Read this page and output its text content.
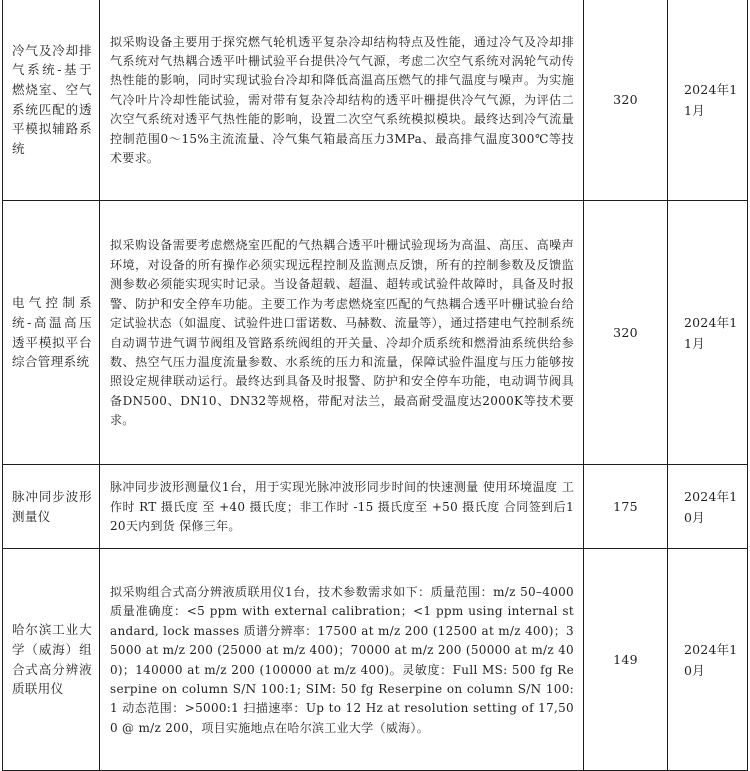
冷气及冷却排气系统-基于燃烧室、空气系统匹配的透平模拟辅路系统	拟采购设备主要用于探究燃气轮机透平复杂冷却结构特点及性能，通过冷气及冷却排气系统对气热耦合透平叶栅试验平台提供冷气气源，考虑二次空气系统对涡轮气动传热性能的影响，同时实现试验台冷却和降低高温高压燃气的排气温度与噪声。为实施气冷叶片冷却性能试验，需对带有复杂冷却结构的透平叶栅提供冷气气源，为评估二次空气系统对透平气热性能的影响，设置二次空气系统模拟模块。最终达到冷气流量控制范围0～15%主流流量、冷气集气箱最高压力3MPa、最高排气温度300℃等技术要求。	320	2024年11月

电气控制系统-高温高压透平模拟平台综合管理系统	拟采购设备需要考虑燃烧室匹配的气热耦合透平叶栅试验现场为高温、高压、高噪声环境，对设备的所有操作必须实现远程控制及监测点反馈，所有的控制参数及反馈监测参数必须能实现实时记录。当设备超载、超温、超转或试验件故障时，具备及时报警、防护和安全停车功能。主要工作为考虑燃烧室匹配的气热耦合透平叶栅试验台给定试验状态（如温度、试验件进口雷诺数、马赫数、流量等），通过搭建电气控制系统自动调节进气调节阀组及管路系统阀组的开关量、冷却介质系统和燃滑油系统供给参数、热空气压力温度流量参数、水系统的压力和流量，保障试验件温度与压力能够按照设定规律联动运行。最终达到具备及时报警、防护和安全停车功能，电动调节阀具备DN500、DN10、DN32等规格，带配对法兰，最高耐受温度达2000K等技术要求。	320	2024年11月

脉冲同步波形测量仪	脉冲同步波形测量仪1台，用于实现光脉冲波形同步时间的快速测量 使用环境温度 工作时 RT 摄氏度 至 +40 摄氏度；非工作时 -15 摄氏度至 +50 摄氏度 合同签到后120天内到货 保修三年。	175	2024年10月

哈尔滨工业大学（威海）组合式高分辨液质联用仪	拟采购组合式高分辨液质联用仪1台，技术参数需求如下：质量范围：m/z 50–4000 质量准确度：<5 ppm with external calibration；<1 ppm using internal standard, lock masses 质谱分辨率：17500 at m/z 200 (12500 at m/z 400)；35000 at m/z 200 (25000 at m/z 400)；70000 at m/z 200 (50000 at m/z 400)；140000 at m/z 200 (100000 at m/z 400)。灵敏度：Full MS: 500 fg Reserpine on column S/N 100:1; SIM: 50 fg Reserpine on column S/N 100:1 动态范围：>5000:1 扫描速率：Up to 12 Hz at resolution setting of 17,500 @ m/z 200，项目实施地点在哈尔滨工业大学（威海）。	149	2024年10月
